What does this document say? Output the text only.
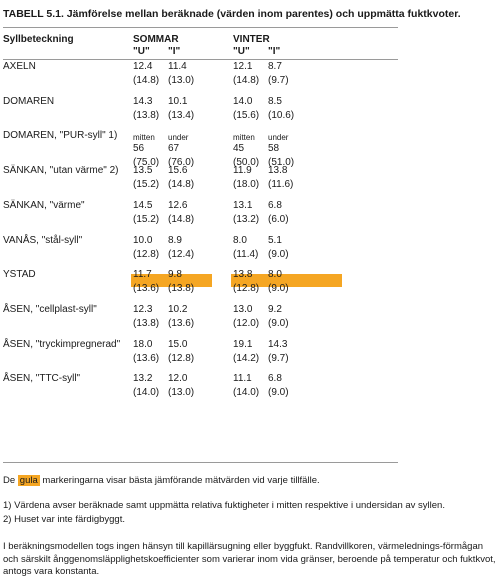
TABELL 5.1. Jämförelse mellan beräknade (värden inom parentes) och uppmätta fuktkvoter.
Syllbeteckning	SOMMAR	VINTER
"U" "I"	"U" "I"
AXELN	12.4 11.4	12.1 8.7
(14.8) (13.0)	(14.8) (9.7)
DOMAREN	14.3 10.1	14.0 8.5
(13.8) (13.4)	(15.6) (10.6)
DOMAREN, "PUR-syll" 1) mitten under	mitten under
56 67	45 58
(75.0) (76.0)	(50.0) (51.0)
SÄNKAN, "utan värme" 2) 13.5 15.6	11.9 13.8
(15.2) (14.8)	(18.0) (11.6)
SÄNKAN, "värme"	14.5 12.6	13.1 6.8
(15.2) (14.8)	(13.2) (6.0)
VANÅS, "stål-syll"	10.0 8.9	8.0 5.1
(12.8) (12.4)	(11.4) (9.0)
YSTAD	11.7 9.8	13.8 8.0
(13.6) (13.8)	(12.8) (9.0)
ÅSEN, "cellplast-syll"	12.3 10.2	13.0 9.2
(13.8) (13.6)	(12.0) (9.0)
ÅSEN, "tryckimpregnerad" 18.0 15.0	19.1 14.3
(13.6) (12.8)	(14.2) (9.7)
ÅSEN, "TTC-syll"	13.2 12.0	11.1 6.8
(14.0) (13.0)	(14.0) (9.0)
De gula markeringarna visar bästa jämförande mätvärden vid varje tillfälle.
1) Värdena avser beräknade samt uppmätta relativa fuktigheter i mitten respektive i undersidan av syllen.
2) Huset var inte färdigbyggt.
I beräkningsmodellen togs ingen hänsyn till kapillärsugning eller byggfukt. Randvillkoren, värmelednings-förmågan och särskilt ånggenomsläpplighetskoefficienter som varierar inom vida gränser, beroende på temperatur och fuktkvot, antogs vara konstanta.
